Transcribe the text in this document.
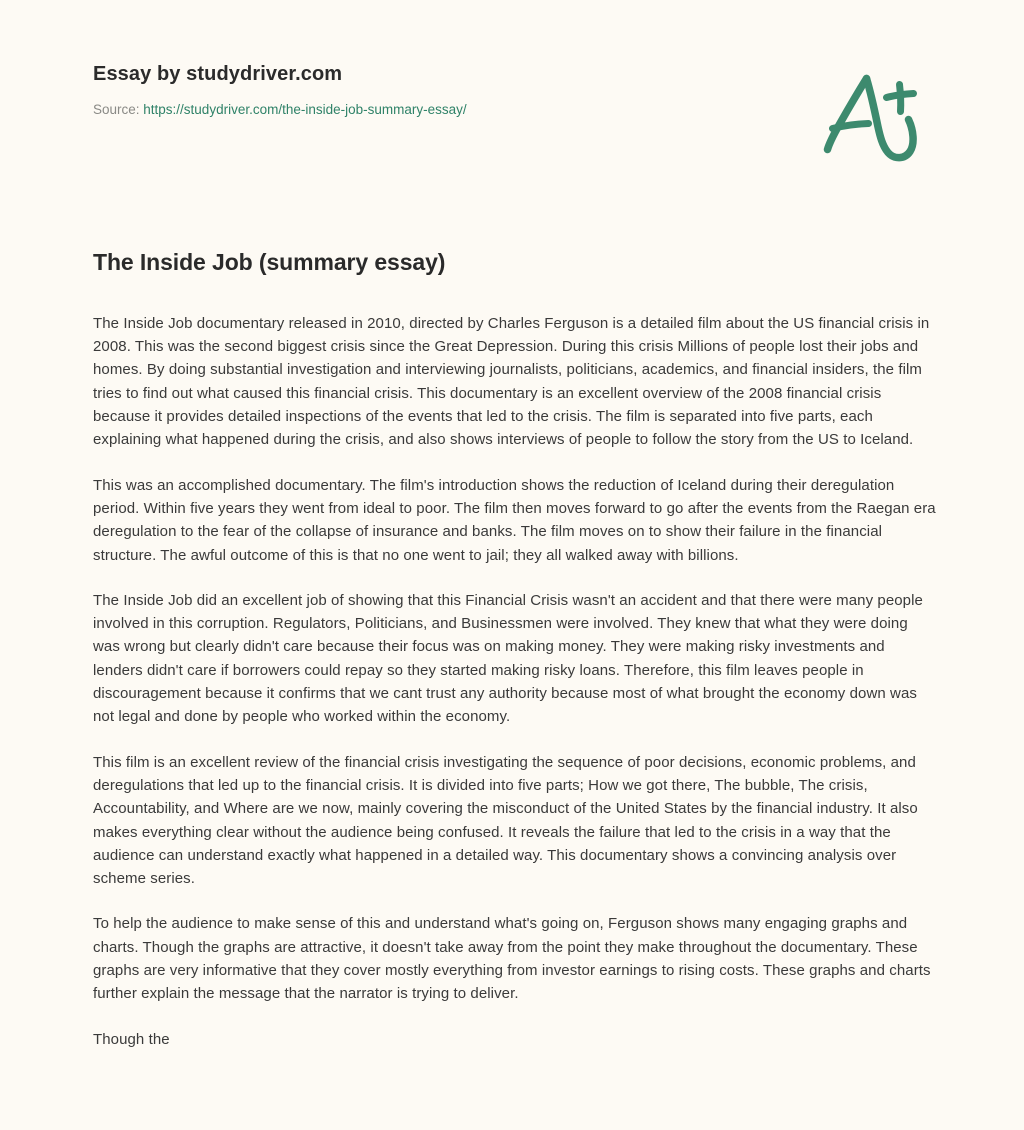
Essay by studydriver.com
Source: https://studydriver.com/the-inside-job-summary-essay/
The Inside Job (summary essay)

The Inside Job documentary released in 2010, directed by Charles Ferguson is a detailed film about the US financial crisis in 2008. This was the second biggest crisis since the Great Depression. During this crisis Millions of people lost their jobs and homes. By doing substantial investigation and interviewing journalists, politicians, academics, and financial insiders, the film tries to find out what caused this financial crisis. This documentary is an excellent overview of the 2008 financial crisis because it provides detailed inspections of the events that led to the crisis. The film is separated into five parts, each explaining what happened during the crisis, and also shows interviews of people to follow the story from the US to Iceland.

This was an accomplished documentary. The film's introduction shows the reduction of Iceland during their deregulation period. Within five years they went from ideal to poor. The film then moves forward to go after the events from the Raegan era deregulation to the fear of the collapse of insurance and banks. The film moves on to show their failure in the financial structure. The awful outcome of this is that no one went to jail; they all walked away with billions.

The Inside Job did an excellent job of showing that this Financial Crisis wasn't an accident and that there were many people involved in this corruption. Regulators, Politicians, and Businessmen were involved. They knew that what they were doing was wrong but clearly didn't care because their focus was on making money. They were making risky investments and lenders didn't care if borrowers could repay so they started making risky loans. Therefore, this film leaves people in discouragement because it confirms that we cant trust any authority because most of what brought the economy down was not legal and done by people who worked within the economy.

This film is an excellent review of the financial crisis investigating the sequence of poor decisions, economic problems, and deregulations that led up to the financial crisis. It is divided into five parts; How we got there, The bubble, The crisis, Accountability, and Where are we now, mainly covering the misconduct of the United States by the financial industry. It also makes everything clear without the audience being confused. It reveals the failure that led to the crisis in a way that the audience can understand exactly what happened in a detailed way. This documentary shows a convincing analysis over scheme series.

To help the audience to make sense of this and understand what's going on, Ferguson shows many engaging graphs and charts. Though the graphs are attractive, it doesn't take away from the point they make throughout the documentary. These graphs are very informative that they cover mostly everything from investor earnings to rising costs. These graphs and charts further explain the message that the narrator is trying to deliver.

Though the
